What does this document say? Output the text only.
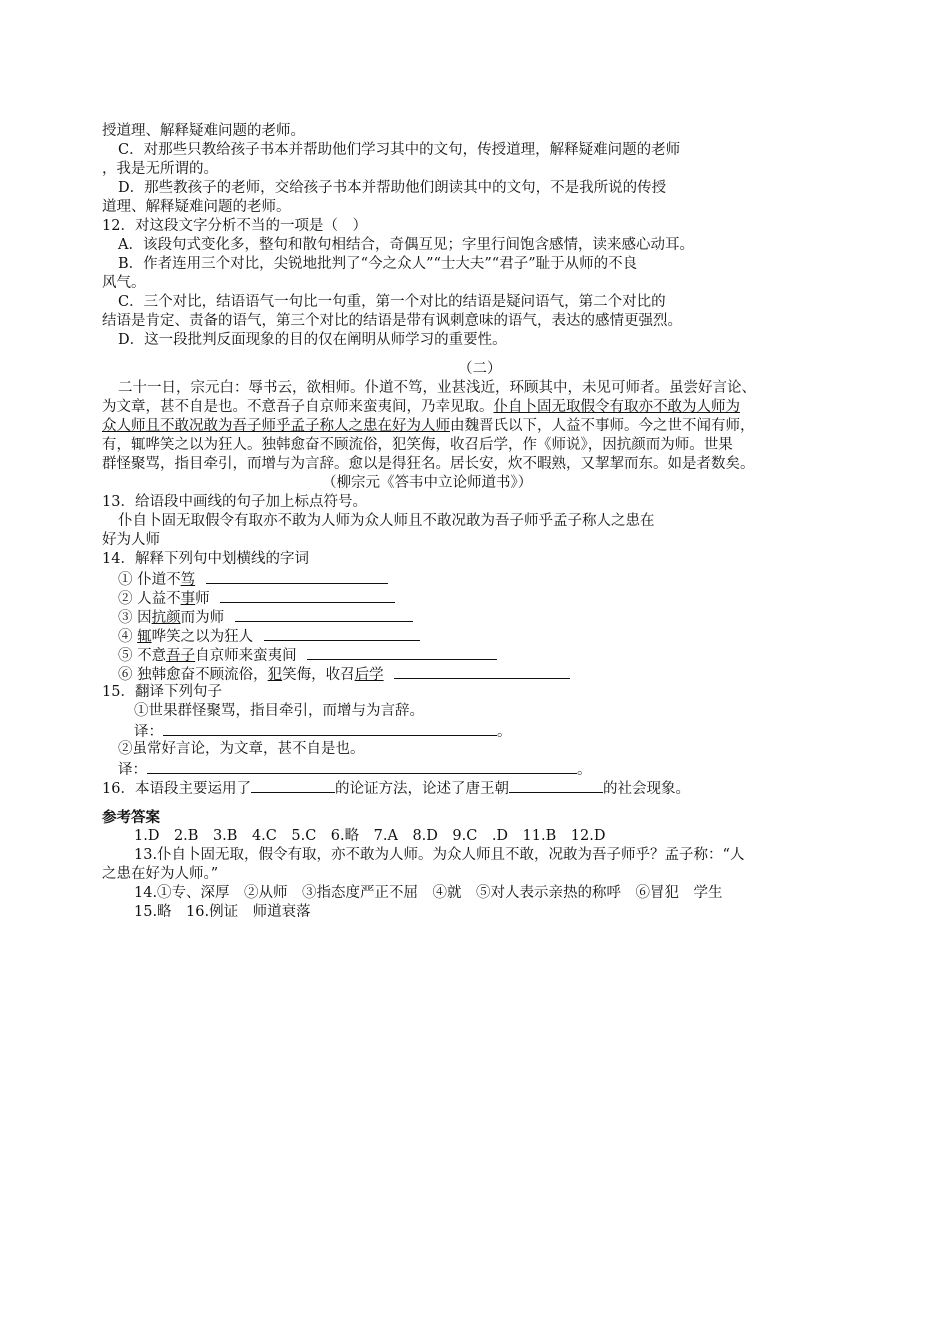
授道理、解释疑难问题的老师。
C．对那些只教给孩子书本并帮助他们学习其中的文句，传授道理，解释疑难问题的老师
，我是无所谓的。
D．那些教孩子的老师，交给孩子书本并帮助他们朗读其中的文句，不是我所说的传授
道理、解释疑难问题的老师。
12．对这段文字分析不当的一项是（　）
A．该段句式变化多，整句和散句相结合，奇偶互见；字里行间饱含感情，读来感心动耳。
B．作者连用三个对比，尖锐地批判了“今之众人”“士大夫”“君子”耻于从师的不良
风气。
C．三个对比，结语语气一句比一句重，第一个对比的结语是疑问语气，第二个对比的
结语是肯定、责备的语气，第三个对比的结语是带有讽刺意味的语气，表达的感情更强烈。
D．这一段批判反面现象的目的仅在阐明从师学习的重要性。
（二）
二十一日，宗元白：辱书云，欲相师。仆道不笃，业甚浅近，环顾其中，未见可师者。虽尝好言论、
为文章，甚不自是也。不意吾子自京师来蛮夷间，乃幸见取。仆自卜固无取假令有取亦不敢为人师为
众人师且不敢况敢为吾子师乎孟子称人之患在好为人师由魏晋氏以下，人益不事师。今之世不闻有师，
有，辄哗笑之以为狂人。独韩愈奋不顾流俗，犯笑侮，收召后学，作《师说》，因抗颜而为师。世果
群怪聚骂，指目牵引，而增与为言辞。愈以是得狂名。居长安，炊不暇熟，又挈挈而东。如是者数矣。
（柳宗元《答韦中立论师道书》）
13．给语段中画线的句子加上标点符号。
仆自卜固无取假令有取亦不敢为人师为众人师且不敢况敢为吾子师乎孟子称人之患在
好为人师
14．解释下列句中划横线的字词
① 仆道不笃
② 人益不事师
③ 因抗颜而为师
④ 辄哗笑之以为狂人
⑤ 不意吾子自京师来蛮夷间
⑥ 独韩愈奋不顾流俗，犯笑侮，收召后学
15．翻译下列句子
①世果群怪聚骂，指目牵引，而增与为言辞。
译：	。
②虽常好言论，为文章，甚不自是也。
译：	。
16．本语段主要运用了	的论证方法，论述了唐王朝	的社会现象。
参考答案
1.D　2.B　3.B　4.C　5.C　6.略　7.A　8.D　9.C　.D　11.B　12.D
13.仆自卜固无取，假令有取，亦不敢为人师。为众人师且不敢，况敢为吾子师乎？孟子称：“人
之患在好为人师。”
14.①专、深厚　②从师　③指态度严正不屈　④就　⑤对人表示亲热的称呼　⑥冒犯　学生
15.略　16.例证　师道衰落
